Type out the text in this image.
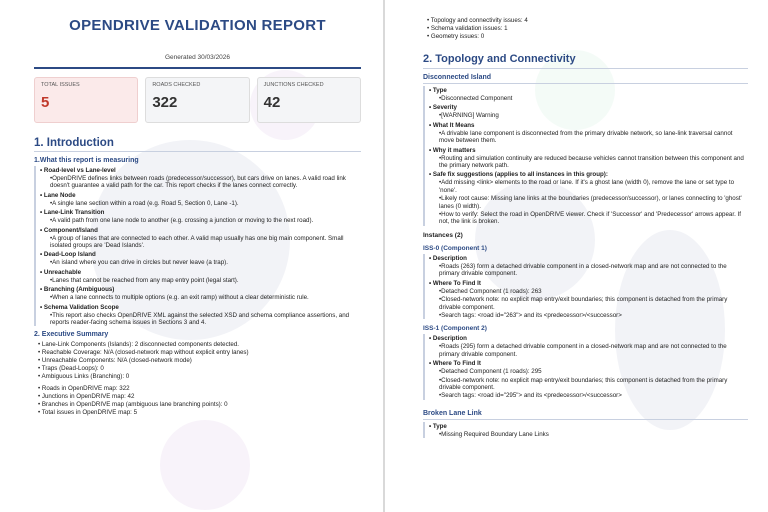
OPENDRIVE VALIDATION REPORT
Generated 30/03/2026
TOTAL ISSUES
5
ROADS CHECKED
322
JUNCTIONS CHECKED
42
1. Introduction
1.What this report is measuring
• Road-level vs Lane-level
• OpenDRIVE defines links between roads (predecessor/successor), but cars drive on lanes. A valid road link doesn't guarantee a valid path for the car. This report checks if the lanes connect correctly.
• Lane Node
• A single lane section within a road (e.g. Road 5, Section 0, Lane -1).
• Lane-Link Transition
• A valid path from one lane node to another (e.g. crossing a junction or moving to the next road).
• Component/Island
• A group of lanes that are connected to each other. A valid map usually has one big main component. Small isolated groups are 'Dead Islands'.
• Dead-Loop Island
• An island where you can drive in circles but never leave (a trap).
• Unreachable
• Lanes that cannot be reached from any map entry point (legal start).
• Branching (Ambiguous)
• When a lane connects to multiple options (e.g. an exit ramp) without a clear deterministic rule.
• Schema Validation Scope
• This report also checks OpenDRIVE XML against the selected XSD and schema compliance assertions, and reports reader-facing schema issues in Sections 3 and 4.
2. Executive Summary
• Lane-Link Components (Islands): 2 disconnected components detected.
• Reachable Coverage: N/A (closed-network map without explicit entry lanes)
• Unreachable Components: N/A (closed-network mode)
• Traps (Dead-Loops): 0
• Ambiguous Links (Branching): 0
• Roads in OpenDRIVE map: 322
• Junctions in OpenDRIVE map: 42
• Branches in OpenDRIVE map (ambiguous lane branching points): 0
• Total issues in OpenDRIVE map: 5
• Topology and connectivity issues: 4
• Schema validation issues: 1
• Geometry issues: 0
2. Topology and Connectivity
Disconnected Island
• Type
• Disconnected Component
• Severity
• [WARNING] Warning
• What It Means
• A drivable lane component is disconnected from the primary drivable network, so lane-link traversal cannot move between them.
• Why it matters
• Routing and simulation continuity are reduced because vehicles cannot transition between this component and the primary network path.
• Safe fix suggestions (applies to all instances in this group):
• Add missing <link> elements to the road or lane. If it's a ghost lane (width 0), remove the lane or set type to 'none'.
• Likely root cause: Missing lane links at the boundaries (predecessor/successor), or lanes connecting to 'ghost' lanes (0 width).
• How to verify: Select the road in OpenDRIVE viewer. Check if 'Successor' and 'Predecessor' arrows appear. If not, the link is broken.
Instances (2)
ISS-0 (Component 1)
• Description
• Roads {263} form a detached drivable component in a closed-network map and are not connected to the primary drivable component.
• Where To Find It
• Detached Component (1 roads): 263
• Closed-network note: no explicit map entry/exit boundaries; this component is detached from the primary drivable component.
• Search tags: <road id="263"> and its <predecessor>/<successor>
ISS-1 (Component 2)
• Description
• Roads {295} form a detached drivable component in a closed-network map and are not connected to the primary drivable component.
• Where To Find It
• Detached Component (1 roads): 295
• Closed-network note: no explicit map entry/exit boundaries; this component is detached from the primary drivable component.
• Search tags: <road id="295"> and its <predecessor>/<successor>
Broken Lane Link
• Type
• Missing Required Boundary Lane Links
